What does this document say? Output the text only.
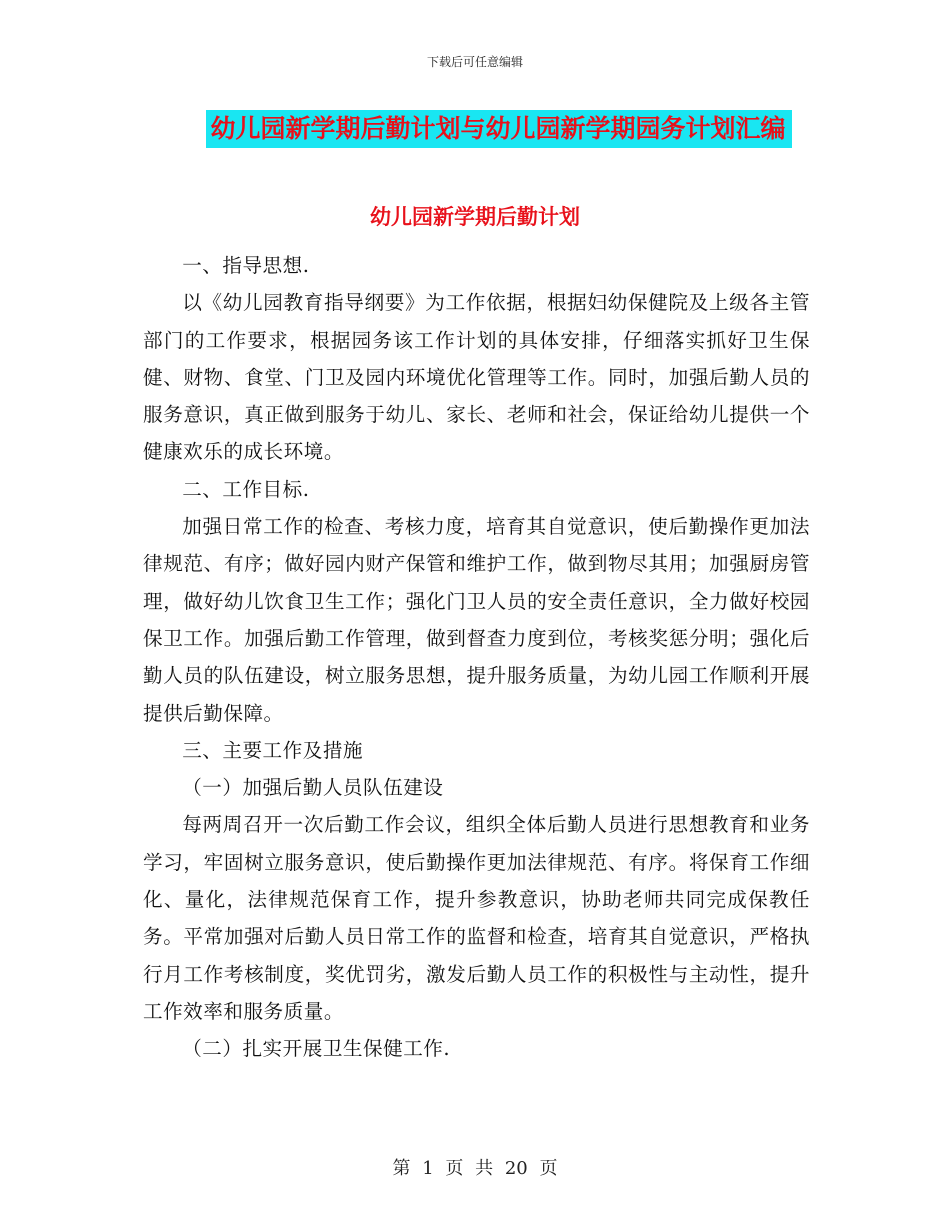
下载后可任意编辑
幼儿园新学期后勤计划与幼儿园新学期园务计划汇编
幼儿园新学期后勤计划

一、指导思想.

以《幼儿园教育指导纲要》为工作依据，根据妇幼保健院及上级各主管部门的工作要求，根据园务该工作计划的具体安排，仔细落实抓好卫生保健、财物、食堂、门卫及园内环境优化管理等工作。同时，加强后勤人员的服务意识，真正做到服务于幼儿、家长、老师和社会，保证给幼儿提供一个健康欢乐的成长环境。

二、工作目标.

加强日常工作的检查、考核力度，培育其自觉意识，使后勤操作更加法律规范、有序；做好园内财产保管和维护工作，做到物尽其用；加强厨房管理，做好幼儿饮食卫生工作；强化门卫人员的安全责任意识，全力做好校园保卫工作。加强后勤工作管理，做到督查力度到位，考核奖惩分明；强化后勤人员的队伍建设，树立服务思想，提升服务质量，为幼儿园工作顺利开展提供后勤保障。

三、主要工作及措施

（一）加强后勤人员队伍建设

每两周召开一次后勤工作会议，组织全体后勤人员进行思想教育和业务学习，牢固树立服务意识，使后勤操作更加法律规范、有序。将保育工作细化、量化，法律规范保育工作，提升参教意识，协助老师共同完成保教任务。平常加强对后勤人员日常工作的监督和检查，培育其自觉意识，严格执行月工作考核制度，奖优罚劣，激发后勤人员工作的积极性与主动性，提升工作效率和服务质量。

（二）扎实开展卫生保健工作.

第 1 页 共 20 页
